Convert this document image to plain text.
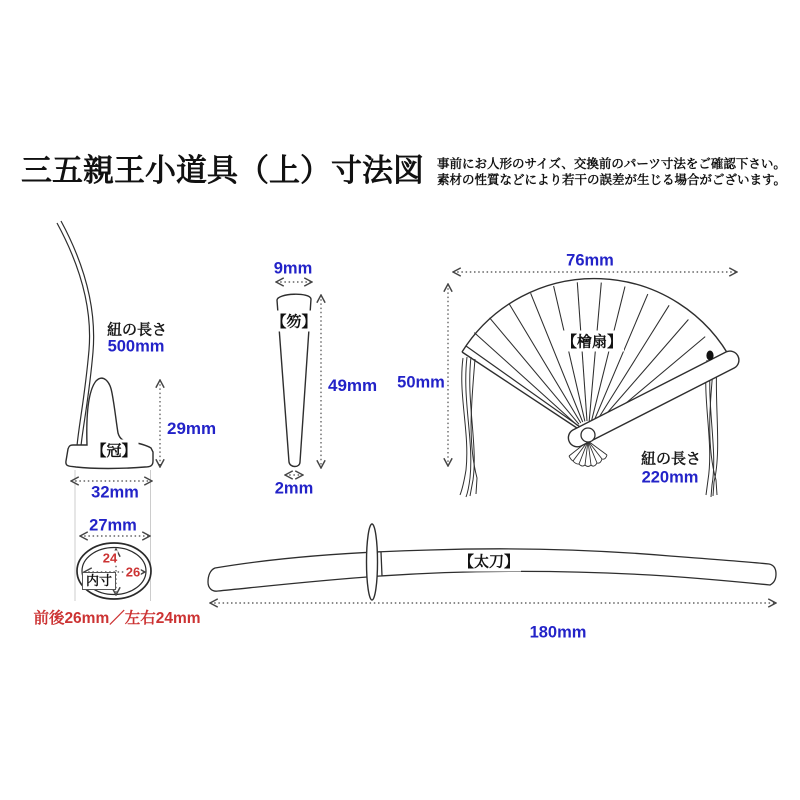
三五親王小道具（上）寸法図 事前にお人形のサイズ、交換前のパーツ寸法をご確認下さい。
素材の性質などにより若干の誤差が生じる場合がございます。
紐の長さ
500mm
29mm
【冠】
32mm
27mm
24
26
内寸
前後26mm／左右24mm
9mm
【笏】
49mm
2mm
76mm
50mm
【檜扇】
紐の長さ
220mm
【太刀】
180mm
